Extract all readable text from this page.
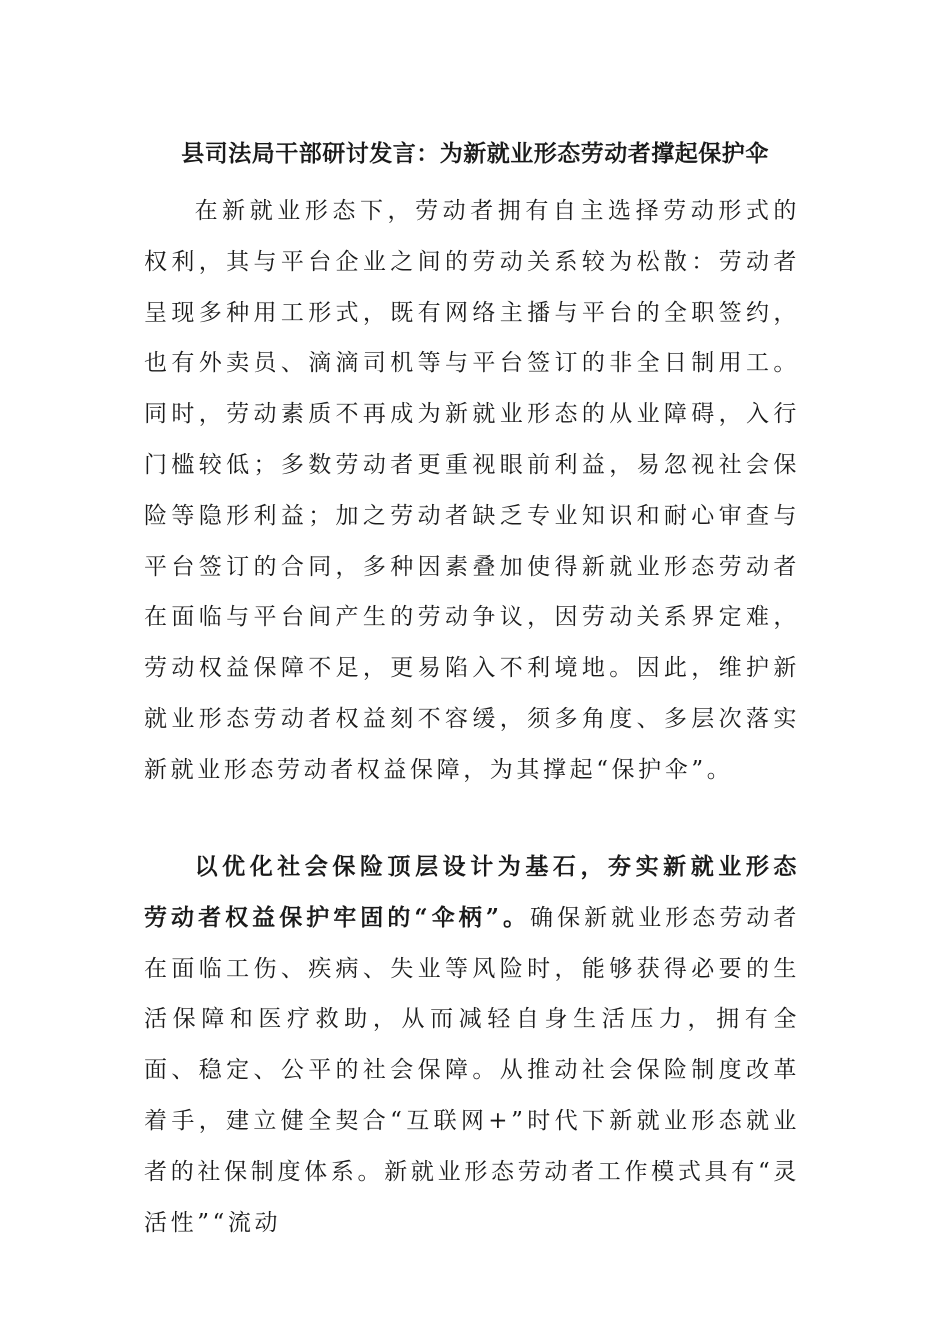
县司法局干部研讨发言：为新就业形态劳动者撑起保护伞

在新就业形态下，劳动者拥有自主选择劳动形式的权利，其与平台企业之间的劳动关系较为松散：劳动者呈现多种用工形式，既有网络主播与平台的全职签约，也有外卖员、滴滴司机等与平台签订的非全日制用工。同时，劳动素质不再成为新就业形态的从业障碍，入行门槛较低；多数劳动者更重视眼前利益，易忽视社会保险等隐形利益；加之劳动者缺乏专业知识和耐心审查与平台签订的合同，多种因素叠加使得新就业形态劳动者在面临与平台间产生的劳动争议，因劳动关系界定难，劳动权益保障不足，更易陷入不利境地。因此，维护新就业形态劳动者权益刻不容缓，须多角度、多层次落实新就业形态劳动者权益保障，为其撑起“保护伞”。

以优化社会保险顶层设计为基石，夯实新就业形态劳动者权益保护牢固的“伞柄”。确保新就业形态劳动者在面临工伤、疾病、失业等风险时，能够获得必要的生活保障和医疗救助，从而减轻自身生活压力，拥有全面、稳定、公平的社会保障。从推动社会保险制度改革着手，建立健全契合“互联网+”时代下新就业形态就业者的社保制度体系。新就业形态劳动者工作模式具有“灵活性”“流动
